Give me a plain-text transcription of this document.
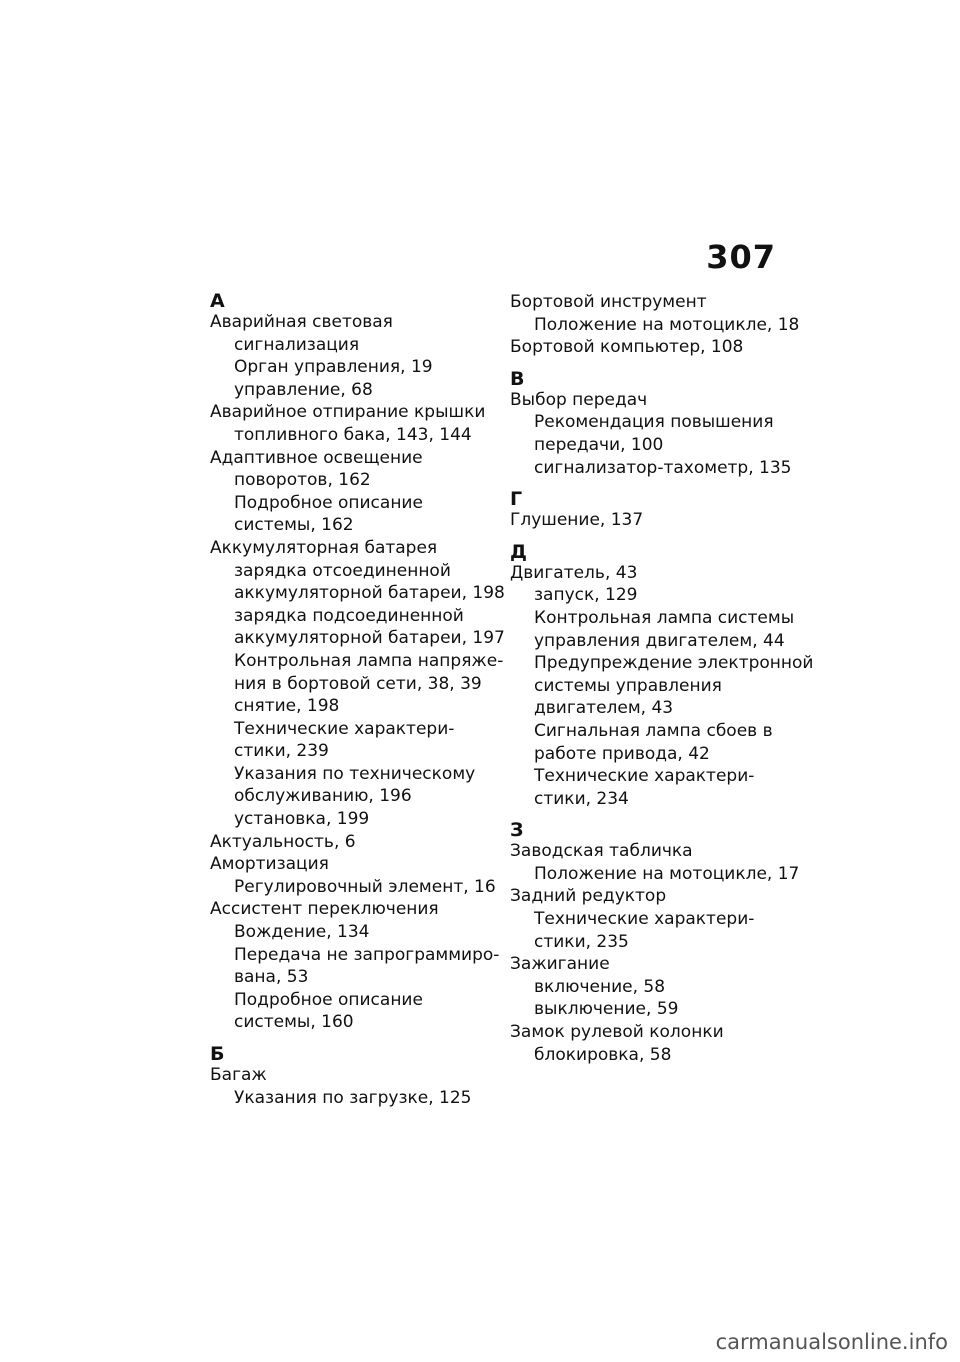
307
А
Аварийная световая
сигнализация
Орган управления, 19
управление, 68
Аварийное отпирание крышки
топливного бака, 143, 144
Адаптивное освещение
поворотов, 162
Подробное описание
системы, 162
Аккумуляторная батарея
зарядка отсоединенной
аккумуляторной батареи, 198
зарядка подсоединенной
аккумуляторной батареи, 197
Контрольная лампа напряже-
ния в бортовой сети, 38, 39
снятие, 198
Технические характери-
стики, 239
Указания по техническому
обслуживанию, 196
установка, 199
Актуальность, 6
Амортизация
Регулировочный элемент, 16
Ассистент переключения
Вождение, 134
Передача не запрограммиро-
вана, 53
Подробное описание
системы, 160
Б
Багаж
Указания по загрузке, 125
Бортовой инструмент
Положение на мотоцикле, 18
Бортовой компьютер, 108
В
Выбор передач
Рекомендация повышения
передачи, 100
сигнализатор-тахометр, 135
Г
Глушение, 137
Д
Двигатель, 43
запуск, 129
Контрольная лампа системы
управления двигателем, 44
Предупреждение электронной
системы управления
двигателем, 43
Сигнальная лампа сбоев в
работе привода, 42
Технические характери-
стики, 234
З
Заводская табличка
Положение на мотоцикле, 17
Задний редуктор
Технические характери-
стики, 235
Зажигание
включение, 58
выключение, 59
Замок рулевой колонки
блокировка, 58
carmanualsonline.info
